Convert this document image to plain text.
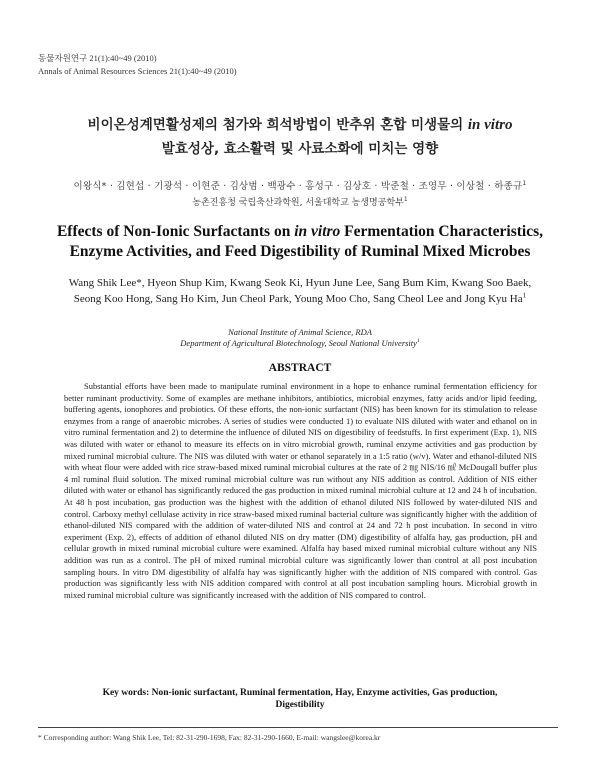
동물자원연구 21(1):40~49 (2010)
Annals of Animal Resources Sciences 21(1):40~49 (2010)
비이온성계면활성제의 첨가와 희석방법이 반추위 혼합 미생물의 in vitro
발효성상, 효소활력 및 사료소화에 미치는 영향
이왕식* · 김현섭 · 기광석 · 이현준 · 김상범 · 백광수 · 홍성구 · 김상호 · 박준철 · 조영무 · 이상철 · 하종규$^1$
농촌진흥청 국립축산과학원, 서울대학교 농생명공학부$^1$
Effects of Non-Ionic Surfactants on in vitro Fermentation Characteristics,
Enzyme Activities, and Feed Digestibility of Ruminal Mixed Microbes
Wang Shik Lee*, Hyeon Shup Kim, Kwang Seok Ki, Hyun June Lee, Sang Bum Kim, Kwang Soo Baek, Seong Koo Hong, Sang Ho Kim, Jun Cheol Park, Young Moo Cho, Sang Cheol Lee and Jong Kyu Ha$^1$
National Institute of Animal Science, RDA
Department of Agricultural Biotechnology, Seoul National University$^1$
ABSTRACT

Substantial efforts have been made to manipulate ruminal environment in a hope to enhance ruminal fermentation efficiency for better ruminant productivity. Some of examples are methane inhibitors, antibiotics, microbial enzymes, fatty acids and/or lipid feeding, buffering agents, ionophores and probiotics. Of these efforts, the non-ionic surfactant (NIS) has been known for its stimulation to release enzymes from a range of anaerobic microbes. A series of studies were conducted 1) to evaluate NIS diluted with water and ethanol on in vitro ruminal fermentation and 2) to determine the influence of diluted NIS on digestibility of feedstuffs. In first experiment (Exp. 1), NIS was diluted with water or ethanol to measure its effects on in vitro microbial growth, ruminal enzyme activities and gas production by mixed ruminal microbial culture. The NIS was diluted with water or ethanol separately in a 1:5 ratio (w/v). Water and ethanol-diluted NIS with wheat flour were added with rice straw-based mixed ruminal microbial cultures at the rate of 2 ㎎ NIS/16 ㎖ McDougall buffer plus 4 ml ruminal fluid solution. The mixed ruminal microbial culture was run without any NIS addition as control. Addition of NIS either diluted with water or ethanol has significantly reduced the gas production in mixed ruminal microbial culture at 12 and 24 h of incubation. At 48 h post incubation, gas production was the highest with the addition of ethanol diluted NIS followed by water-diluted NIS and control. Carboxy methyl cellulase activity in rice straw-based mixed ruminal bacterial culture was significantly higher with the addition of ethanol-diluted NIS compared with the addition of water-diluted NIS and control at 24 and 72 h post incubation. In second in vitro experiment (Exp. 2), effects of addition of ethanol diluted NIS on dry matter (DM) digestibility of alfalfa hay, gas production, pH and cellular growth in mixed ruminal microbial culture were examined. Alfalfa hay based mixed ruminal microbial culture without any NIS addition was run as a control. The pH of mixed ruminal microbial culture was significantly lower than control at all post incubation sampling hours. In vitro DM digestibility of alfalfa hay was significantly higher with the addition of NIS compared with control. Gas production was significantly less with NIS addition compared with control at all post incubation sampling hours. Microbial growth in mixed ruminal microbial culture was significantly increased with the addition of NIS compared to control.

Key words: Non-ionic surfactant, Ruminal fermentation, Hay, Enzyme activities, Gas production, Digestibility
* Corresponding author: Wang Shik Lee, Tel: 82-31-290-1698, Fax: 82-31-290-1660, E-mail: wangslee@korea.kr
